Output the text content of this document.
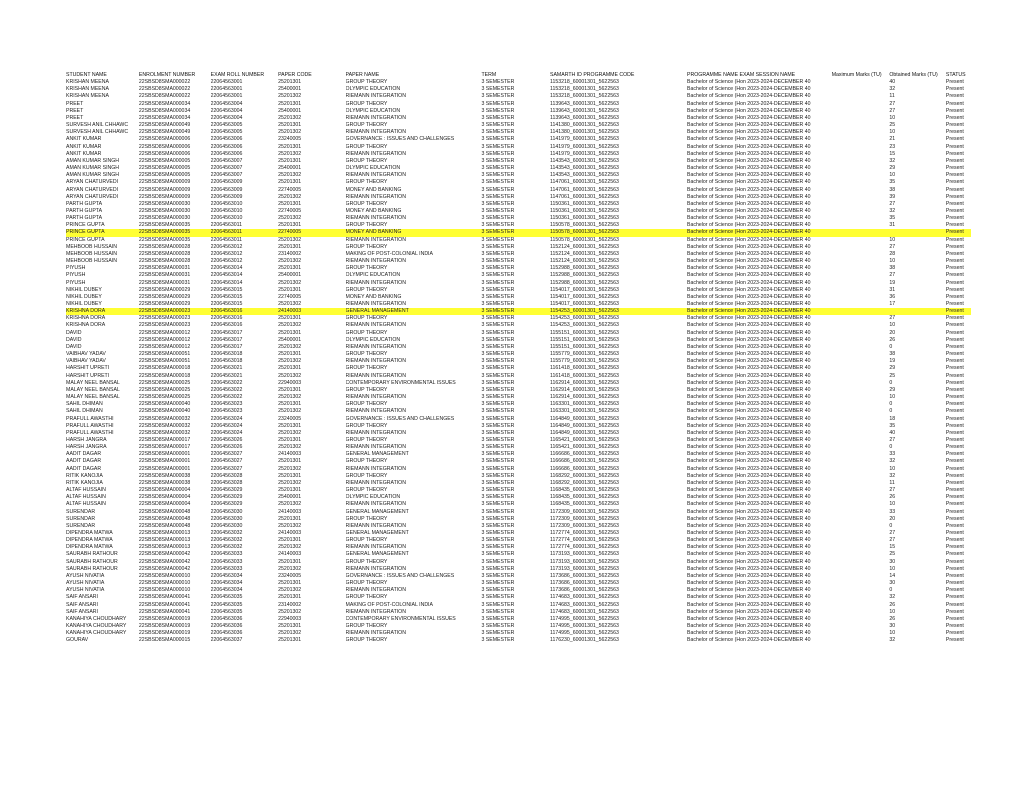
STUDENT NAME	ENROLMENT NUMBER	EXAM ROLL NUMBER	PAPER CODE	PAPER NAME	TERM	SAMARTH ID PROGRAMME CODE	PROGRAMME NAME EXAM SESSION NAME	Maximum Marks (TU)	Obtained Marks (TU)	STATUS
KRISHAN MEENA	22SBSD8SMA000022	22064563001	25201301	GROUP THEORY	3 SEMESTER	1153218_60001301_5622563	Bachelor of Science (Hon 2023-2024-DECEMBER 40		40	Present
KRISHAN MEENA	22SBSD8SMA000022	22064563001	25400001	OLYMPIC EDUCATION	3 SEMESTER	1153218_60001301_5622563	Bachelor of Science (Hon 2023-2024-DECEMBER 40		32	Present
KRISHAN MEENA	22SBSD8SMA000022	22064563001	25201302	RIEMANN INTEGRATION	3 SEMESTER	1153218_60001301_5622563	Bachelor of Science (Hon 2023-2024-DECEMBER 40		11	Present
PREET	22SBSD8SMA000034	22064563004	25201301	GROUP THEORY	3 SEMESTER	1139643_60001301_5622563	Bachelor of Science (Hon 2023-2024-DECEMBER 40		27	Present
PREET	22SBSD8SMA000034	22064563004	25400001	OLYMPIC EDUCATION	3 SEMESTER	1139643_60001301_5622563	Bachelor of Science (Hon 2023-2024-DECEMBER 40		27	Present
PREET	22SBSD8SMA000034	22064563004	25201302	RIEMANN INTEGRATION	3 SEMESTER	1139643_60001301_5622563	Bachelor of Science (Hon 2023-2024-DECEMBER 40		10	Present
SURVESH ANIL CHHAWC	22SBSD8SMA000049	22064563005	25201301	GROUP THEORY	3 SEMESTER	1141380_60001301_5622563	Bachelor of Science (Hon 2023-2024-DECEMBER 40		25	Present
SURVESH ANIL CHHAWC	22SBSD8SMA000049	22064563005	25201302	RIEMANN INTEGRATION	3 SEMESTER	1141380_60001301_5622563	Bachelor of Science (Hon 2023-2024-DECEMBER 40		10	Present
ANKIT KUMAR	22SBSD8SMA000006	22064563006	23240005	GOVERNANCE : ISSUES AND CHALLENGES	3 SEMESTER	1141979_60001301_5622563	Bachelor of Science (Hon 2023-2024-DECEMBER 40		21	Present
ANKIT KUMAR	22SBSD8SMA000006	22064563006	25201301	GROUP THEORY	3 SEMESTER	1141979_60001301_5622563	Bachelor of Science (Hon 2023-2024-DECEMBER 40		23	Present
ANKIT KUMAR	22SBSD8SMA000006	22064563006	25201302	RIEMANN INTEGRATION	3 SEMESTER	1141979_60001301_5622563	Bachelor of Science (Hon 2023-2024-DECEMBER 40		15	Present
AMAN KUMAR SINGH	22SBSD8SMA000005	22064563007	25201301	GROUP THEORY	3 SEMESTER	1143543_60001301_5622563	Bachelor of Science (Hon 2023-2024-DECEMBER 40		32	Present
AMAN KUMAR SINGH	22SBSD8SMA000005	22064563007	25400001	OLYMPIC EDUCATION	3 SEMESTER	1143543_60001301_5622563	Bachelor of Science (Hon 2023-2024-DECEMBER 40		29	Present
AMAN KUMAR SINGH	22SBSD8SMA000005	22064563007	25201302	RIEMANN INTEGRATION	3 SEMESTER	1143543_60001301_5622563	Bachelor of Science (Hon 2023-2024-DECEMBER 40		10	Present
ARYAN CHATURVEDI	22SBSD8SMA000009	22064563009	25201301	GROUP THEORY	3 SEMESTER	1147061_60001301_5622563	Bachelor of Science (Hon 2023-2024-DECEMBER 40		35	Present
ARYAN CHATURVEDI	22SBSD8SMA000009	22064563009	22740005	MONEY AND BANKING	3 SEMESTER	1147061_60001301_5622563	Bachelor of Science (Hon 2023-2024-DECEMBER 40		38	Present
ARYAN CHATURVEDI	22SBSD8SMA000009	22064563009	25201302	RIEMANN INTEGRATION	3 SEMESTER	1147061_60001301_5622563	Bachelor of Science (Hon 2023-2024-DECEMBER 40		39	Present
PARTH GUPTA	22SBSD8SMA000030	22064563010	25201301	GROUP THEORY	3 SEMESTER	1150361_60001301_5622563	Bachelor of Science (Hon 2023-2024-DECEMBER 40		27	Present
PARTH GUPTA	22SBSD8SMA000030	22064563010	22740005	MONEY AND BANKING	3 SEMESTER	1150361_60001301_5622563	Bachelor of Science (Hon 2023-2024-DECEMBER 40		32	Present
PARTH GUPTA	22SBSD8SMA000030	22064563010	25201302	RIEMANN INTEGRATION	3 SEMESTER	1150361_60001301_5622563	Bachelor of Science (Hon 2023-2024-DECEMBER 40		35	Present
PRINCE GUPTA	22SBSD8SMA000035	22064563011	25201301	GROUP THEORY	3 SEMESTER	1150578_60001301_5622563	Bachelor of Science (Hon 2023-2024-DECEMBER 40		31	Present
PRINCE GUPTA	22SBSD8SMA000035	22064563011	22740005	MONEY AND BANKING	3 SEMESTER	1150578_60001301_5622563	Bachelor of Science (Hon 2023-2024-DECEMBER 40			Present
PRINCE GUPTA	22SBSD8SMA000035	22064563011	25201302	RIEMANN INTEGRATION	3 SEMESTER	1150578_60001301_5622563	Bachelor of Science (Hon 2023-2024-DECEMBER 40		10	Present
MEHBOOB HUSSAIN	22SBSD8SMA000028	22064563012	25201301	GROUP THEORY	3 SEMESTER	1152124_60001301_5622563	Bachelor of Science (Hon 2023-2024-DECEMBER 40		27	Present
MEHBOOB HUSSAIN	22SBSD8SMA000028	22064563012	23140002	MAKING OF POST-COLONIAL INDIA	3 SEMESTER	1152124_60001301_5622563	Bachelor of Science (Hon 2023-2024-DECEMBER 40		28	Present
MEHBOOB HUSSAIN	22SBSD8SMA000028	22064563012	25201302	RIEMANN INTEGRATION	3 SEMESTER	1152124_60001301_5622563	Bachelor of Science (Hon 2023-2024-DECEMBER 40		10	Present
PIYUSH	22SBSD8SMA000031	22064563014	25201301	GROUP THEORY	3 SEMESTER	1152988_60001301_5622563	Bachelor of Science (Hon 2023-2024-DECEMBER 40		38	Present
PIYUSH	22SBSD8SMA000031	22064563014	25400001	OLYMPIC EDUCATION	3 SEMESTER	1152988_60001301_5622563	Bachelor of Science (Hon 2023-2024-DECEMBER 40		27	Present
PIYUSH	22SBSD8SMA000031	22064563014	25201302	RIEMANN INTEGRATION	3 SEMESTER	1152988_60001301_5622563	Bachelor of Science (Hon 2023-2024-DECEMBER 40		19	Present
NIKHIL DUBEY	22SBSD8SMA000029	22064563015	25201301	GROUP THEORY	3 SEMESTER	1154017_60001301_5622563	Bachelor of Science (Hon 2023-2024-DECEMBER 40		31	Present
NIKHIL DUBEY	22SBSD8SMA000029	22064563015	22740005	MONEY AND BANKING	3 SEMESTER	1154017_60001301_5622563	Bachelor of Science (Hon 2023-2024-DECEMBER 40		36	Present
NIKHIL DUBEY	22SBSD8SMA000029	22064563015	25201302	RIEMANN INTEGRATION	3 SEMESTER	1154017_60001301_5622563	Bachelor of Science (Hon 2023-2024-DECEMBER 40		17	Present
KRISHNA DORA	22SBSD8SMA000023	22064563016	24140003	GENERAL MANAGEMENT	3 SEMESTER	1154253_60001301_5622563	Bachelor of Science (Hon 2023-2024-DECEMBER 40			Present
KRISHNA DORA	22SBSD8SMA000023	22064563016	25201301	GROUP THEORY	3 SEMESTER	1154253_60001301_5622563	Bachelor of Science (Hon 2023-2024-DECEMBER 40		27	Present
KRISHNA DORA	22SBSD8SMA000023	22064563016	25201302	RIEMANN INTEGRATION	3 SEMESTER	1154253_60001301_5622563	Bachelor of Science (Hon 2023-2024-DECEMBER 40		10	Present
DAVID	22SBSD8SMA000012	22064563017	25201301	GROUP THEORY	3 SEMESTER	1155151_60001301_5622563	Bachelor of Science (Hon 2023-2024-DECEMBER 40		20	Present
DAVID	22SBSD8SMA000012	22064563017	25400001	OLYMPIC EDUCATION	3 SEMESTER	1155151_60001301_5622563	Bachelor of Science (Hon 2023-2024-DECEMBER 40		26	Present
DAVID	22SBSD8SMA000012	22064563017	25201302	RIEMANN INTEGRATION	3 SEMESTER	1155151_60001301_5622563	Bachelor of Science (Hon 2023-2024-DECEMBER 40		0	Present
VAIBHAV YADAV	22SBSD8SMA000051	22064563018	25201301	GROUP THEORY	3 SEMESTER	1155779_60001301_5622563	Bachelor of Science (Hon 2023-2024-DECEMBER 40		38	Present
VAIBHAV YADAV	22SBSD8SMA000051	22064563018	25201302	RIEMANN INTEGRATION	3 SEMESTER	1155779_60001301_5622563	Bachelor of Science (Hon 2023-2024-DECEMBER 40		19	Present
HARSHIT UPRETI	22SBSD8SMA000018	22064563021	25201301	GROUP THEORY	3 SEMESTER	1161418_60001301_5622563	Bachelor of Science (Hon 2023-2024-DECEMBER 40		29	Present
HARSHIT UPRETI	22SBSD8SMA000018	22064563021	25201302	RIEMANN INTEGRATION	3 SEMESTER	1161418_60001301_5622563	Bachelor of Science (Hon 2023-2024-DECEMBER 40		25	Present
MALAY NEEL BANSAL	22SBSD8SMA000025	22064563022	22940003	CONTEMPORARY ENVIRONMENTAL ISSUES	3 SEMESTER	1162914_60001301_5622563	Bachelor of Science (Hon 2023-2024-DECEMBER 40		0	Present
MALAY NEEL BANSAL	22SBSD8SMA000025	22064563022	25201301	GROUP THEORY	3 SEMESTER	1162914_60001301_5622563	Bachelor of Science (Hon 2023-2024-DECEMBER 40		29	Present
MALAY NEEL BANSAL	22SBSD8SMA000025	22064563022	25201302	RIEMANN INTEGRATION	3 SEMESTER	1162914_60001301_5622563	Bachelor of Science (Hon 2023-2024-DECEMBER 40		10	Present
SAHIL DHIMAN	22SBSD8SMA000040	22064563023	25201301	GROUP THEORY	3 SEMESTER	1163301_60001301_5622563	Bachelor of Science (Hon 2023-2024-DECEMBER 40		0	Present
SAHIL DHIMAN	22SBSD8SMA000040	22064563023	25201302	RIEMANN INTEGRATION	3 SEMESTER	1163301_60001301_5622563	Bachelor of Science (Hon 2023-2024-DECEMBER 40		0	Present
PRAFULL AWASTHI	22SBSD8SMA000032	22064563024	23240005	GOVERNANCE : ISSUES AND CHALLENGES	3 SEMESTER	1164849_60001301_5622563	Bachelor of Science (Hon 2023-2024-DECEMBER 40		18	Present
PRAFULL AWASTHI	22SBSD8SMA000032	22064563024	25201301	GROUP THEORY	3 SEMESTER	1164849_60001301_5622563	Bachelor of Science (Hon 2023-2024-DECEMBER 40		35	Present
PRAFULL AWASTHI	22SBSD8SMA000032	22064563024	25201302	RIEMANN INTEGRATION	3 SEMESTER	1164849_60001301_5622563	Bachelor of Science (Hon 2023-2024-DECEMBER 40		40	Present
HARSH JANGRA	22SBSD8SMA000017	22064563026	25201301	GROUP THEORY	3 SEMESTER	1165421_60001301_5622563	Bachelor of Science (Hon 2023-2024-DECEMBER 40		27	Present
HARSH JANGRA	22SBSD8SMA000017	22064563026	25201302	RIEMANN INTEGRATION	3 SEMESTER	1165421_60001301_5622563	Bachelor of Science (Hon 2023-2024-DECEMBER 40		0	Present
AADIT DAGAR	22SBSD8SMA000001	22064563027	24140003	GENERAL MANAGEMENT	3 SEMESTER	1166686_60001301_5622563	Bachelor of Science (Hon 2023-2024-DECEMBER 40		33	Present
AADIT DAGAR	22SBSD8SMA000001	22064563027	25201301	GROUP THEORY	3 SEMESTER	1166686_60001301_5622563	Bachelor of Science (Hon 2023-2024-DECEMBER 40		32	Present
AADIT DAGAR	22SBSD8SMA000001	22064563027	25201302	RIEMANN INTEGRATION	3 SEMESTER	1166686_60001301_5622563	Bachelor of Science (Hon 2023-2024-DECEMBER 40		10	Present
RITIK KANOJIA	22SBSD8SMA000038	22064563028	25201301	GROUP THEORY	3 SEMESTER	1168292_60001301_5622563	Bachelor of Science (Hon 2023-2024-DECEMBER 40		32	Present
RITIK KANOJIA	22SBSD8SMA000038	22064563028	25201302	RIEMANN INTEGRATION	3 SEMESTER	1168292_60001301_5622563	Bachelor of Science (Hon 2023-2024-DECEMBER 40		11	Present
ALTAF HUSSAIN	22SBSD8SMA000004	22064563029	25201301	GROUP THEORY	3 SEMESTER	1168435_60001301_5622563	Bachelor of Science (Hon 2023-2024-DECEMBER 40		27	Present
ALTAF HUSSAIN	22SBSD8SMA000004	22064563029	25400001	OLYMPIC EDUCATION	3 SEMESTER	1168435_60001301_5622563	Bachelor of Science (Hon 2023-2024-DECEMBER 40		26	Present
ALTAF HUSSAIN	22SBSD8SMA000004	22064563029	25201302	RIEMANN INTEGRATION	3 SEMESTER	1168435_60001301_5622563	Bachelor of Science (Hon 2023-2024-DECEMBER 40		10	Present
SURENDAR	22SBSD8SMA000048	22064563030	24140003	GENERAL MANAGEMENT	3 SEMESTER	1172309_60001301_5622563	Bachelor of Science (Hon 2023-2024-DECEMBER 40		33	Present
SURENDAR	22SBSD8SMA000048	22064563030	25201301	GROUP THEORY	3 SEMESTER	1172309_60001301_5622563	Bachelor of Science (Hon 2023-2024-DECEMBER 40		20	Present
SURENDAR	22SBSD8SMA000048	22064563030	25201302	RIEMANN INTEGRATION	3 SEMESTER	1172309_60001301_5622563	Bachelor of Science (Hon 2023-2024-DECEMBER 40		0	Present
DIPENDRA MATWA	22SBSD8SMA000013	22064563032	24140003	GENERAL MANAGEMENT	3 SEMESTER	1172774_60001301_5622563	Bachelor of Science (Hon 2023-2024-DECEMBER 40		27	Present
DIPENDRA MATWA	22SBSD8SMA000013	22064563032	25201301	GROUP THEORY	3 SEMESTER	1172774_60001301_5622563	Bachelor of Science (Hon 2023-2024-DECEMBER 40		27	Present
DIPENDRA MATWA	22SBSD8SMA000013	22064563032	25201302	RIEMANN INTEGRATION	3 SEMESTER	1172774_60001301_5622563	Bachelor of Science (Hon 2023-2024-DECEMBER 40		15	Present
SAURABH RATHOUR	22SBSD8SMA000042	22064563033	24140003	GENERAL MANAGEMENT	3 SEMESTER	1173193_60001301_5622563	Bachelor of Science (Hon 2023-2024-DECEMBER 40		25	Present
SAURABH RATHOUR	22SBSD8SMA000042	22064563033	25201301	GROUP THEORY	3 SEMESTER	1173193_60001301_5622563	Bachelor of Science (Hon 2023-2024-DECEMBER 40		30	Present
SAURABH RATHOUR	22SBSD8SMA000042	22064563033	25201302	RIEMANN INTEGRATION	3 SEMESTER	1173193_60001301_5622563	Bachelor of Science (Hon 2023-2024-DECEMBER 40		10	Present
AYUSH NIVATIA	22SBSD8SMA000010	22064563034	23240005	GOVERNANCE : ISSUES AND CHALLENGES	3 SEMESTER	1173686_60001301_5622563	Bachelor of Science (Hon 2023-2024-DECEMBER 40		14	Present
AYUSH NIVATIA	22SBSD8SMA000010	22064563034	25201301	GROUP THEORY	3 SEMESTER	1173686_60001301_5622563	Bachelor of Science (Hon 2023-2024-DECEMBER 40		30	Present
AYUSH NIVATIA	22SBSD8SMA000010	22064563034	25201302	RIEMANN INTEGRATION	3 SEMESTER	1173686_60001301_5622563	Bachelor of Science (Hon 2023-2024-DECEMBER 40		0	Present
SAIF ANSARI	22SBSD8SMA000041	22064563035	25201301	GROUP THEORY	3 SEMESTER	1174683_60001301_5622563	Bachelor of Science (Hon 2023-2024-DECEMBER 40		32	Present
SAIF ANSARI	22SBSD8SMA000041	22064563035	23140002	MAKING OF POST-COLONIAL INDIA	3 SEMESTER	1174683_60001301_5622563	Bachelor of Science (Hon 2023-2024-DECEMBER 40		26	Present
SAIF ANSARI	22SBSD8SMA000041	22064563035	25201302	RIEMANN INTEGRATION	3 SEMESTER	1174683_60001301_5622563	Bachelor of Science (Hon 2023-2024-DECEMBER 40		10	Present
KANAHIYA CHOUDHARY	22SBSD8SMA000019	22064563036	22940003	CONTEMPORARY ENVIRONMENTAL ISSUES	3 SEMESTER	1174995_60001301_5622563	Bachelor of Science (Hon 2023-2024-DECEMBER 40		26	Present
KANAHIYA CHOUDHARY	22SBSD8SMA000019	22064563036	25201301	GROUP THEORY	3 SEMESTER	1174995_60001301_5622563	Bachelor of Science (Hon 2023-2024-DECEMBER 40		30	Present
KANAHIYA CHOUDHARY	22SBSD8SMA000019	22064563036	25201302	RIEMANN INTEGRATION	3 SEMESTER	1174995_60001301_5622563	Bachelor of Science (Hon 2023-2024-DECEMBER 40		10	Present
GOURAV	22SBSD8SMA000015	22064563037	25201301	GROUP THEORY	3 SEMESTER	1176230_60001301_5622563	Bachelor of Science (Hon 2023-2024-DECEMBER 40		32	Present
